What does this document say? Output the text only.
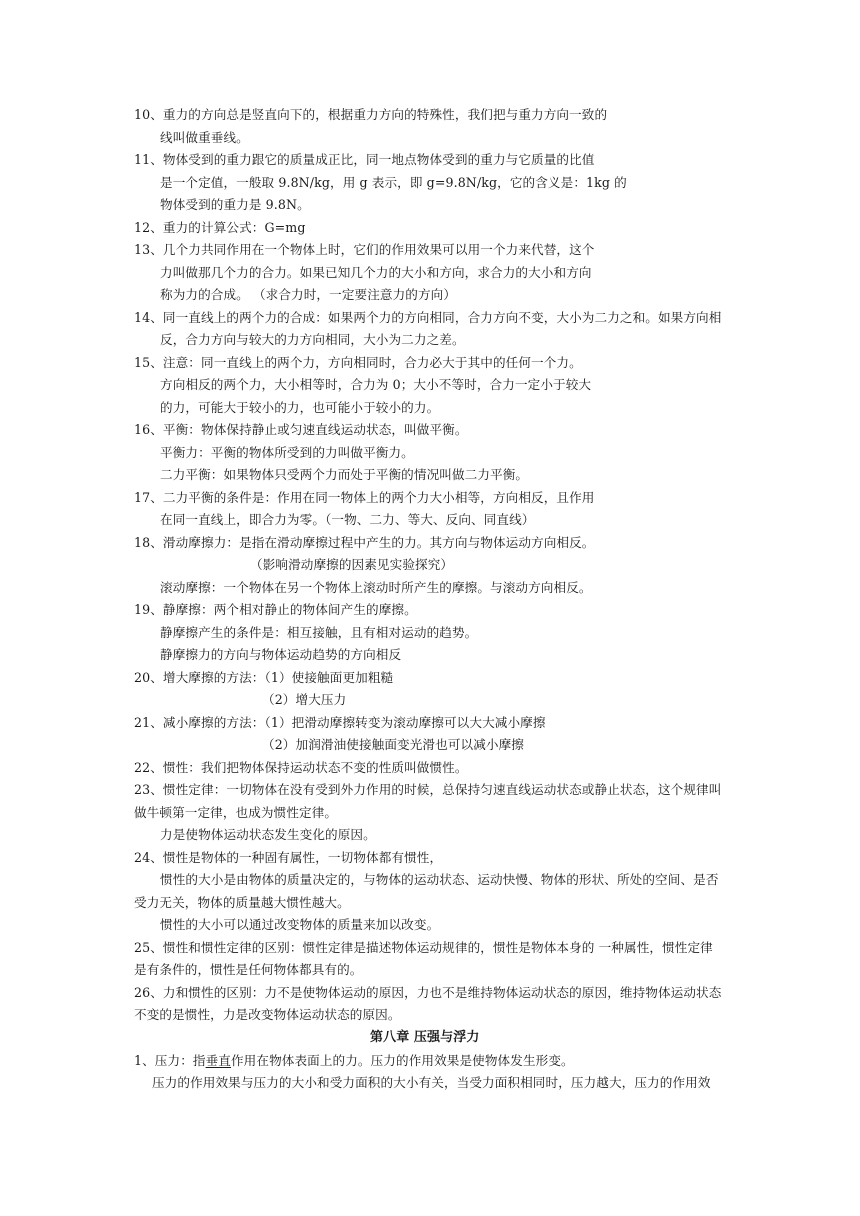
10、重力的方向总是竖直向下的，根据重力方向的特殊性，我们把与重力方向一致的
线叫做重垂线。
11、物体受到的重力跟它的质量成正比，同一地点物体受到的重力与它质量的比值
是一个定值，一般取 9.8N/kg，用 g 表示，即 g=9.8N/kg，它的含义是：1kg 的
物体受到的重力是 9.8N。
12、重力的计算公式：G=mg
13、几个力共同作用在一个物体上时，它们的作用效果可以用一个力来代替，这个
力叫做那几个力的合力。如果已知几个力的大小和方向，求合力的大小和方向
称为力的合成。 （求合力时，一定要注意力的方向）
14、同一直线上的两个力的合成：如果两个力的方向相同，合力方向不变，大小为二力之和。如果方向相
反，合力方向与较大的力方向相同，大小为二力之差。
15、注意：同一直线上的两个力，方向相同时，合力必大于其中的任何一个力。
方向相反的两个力，大小相等时，合力为 0；大小不等时，合力一定小于较大
的力，可能大于较小的力，也可能小于较小的力。
16、平衡：物体保持静止或匀速直线运动状态，叫做平衡。
平衡力：平衡的物体所受到的力叫做平衡力。
二力平衡：如果物体只受两个力而处于平衡的情况叫做二力平衡。
17、二力平衡的条件是：作用在同一物体上的两个力大小相等，方向相反，且作用
在同一直线上，即合力为零。（一物、二力、等大、反向、同直线）
18、滑动摩擦力：是指在滑动摩擦过程中产生的力。其方向与物体运动方向相反。
（影响滑动摩擦的因素见实验探究）
滚动摩擦：一个物体在另一个物体上滚动时所产生的摩擦。与滚动方向相反。
19、静摩擦：两个相对静止的物体间产生的摩擦。
静摩擦产生的条件是：相互接触，且有相对运动的趋势。
静摩擦力的方向与物体运动趋势的方向相反
20、增大摩擦的方法：（1）使接触面更加粗糙
（2）增大压力
21、减小摩擦的方法：（1）把滑动摩擦转变为滚动摩擦可以大大减小摩擦
（2）加润滑油使接触面变光滑也可以减小摩擦
22、惯性：我们把物体保持运动状态不变的性质叫做惯性。
23、惯性定律：一切物体在没有受到外力作用的时候，总保持匀速直线运动状态或静止状态，这个规律叫
做牛顿第一定律，也成为惯性定律。
力是使物体运动状态发生变化的原因。
24、惯性是物体的一种固有属性，一切物体都有惯性，
惯性的大小是由物体的质量决定的，与物体的运动状态、运动快慢、物体的形状、所处的空间、是否
受力无关，物体的质量越大惯性越大。
惯性的大小可以通过改变物体的质量来加以改变。
25、惯性和惯性定律的区别：惯性定律是描述物体运动规律的，惯性是物体本身的 一种属性，惯性定律
是有条件的，惯性是任何物体都具有的。
26、力和惯性的区别：力不是使物体运动的原因，力也不是维持物体运动状态的原因，维持物体运动状态
不变的是惯性，力是改变物体运动状态的原因。
第八章 压强与浮力
1、压力：指垂直作用在物体表面上的力。压力的作用效果是使物体发生形变。
压力的作用效果与压力的大小和受力面积的大小有关，当受力面积相同时，压力越大，压力的作用效
